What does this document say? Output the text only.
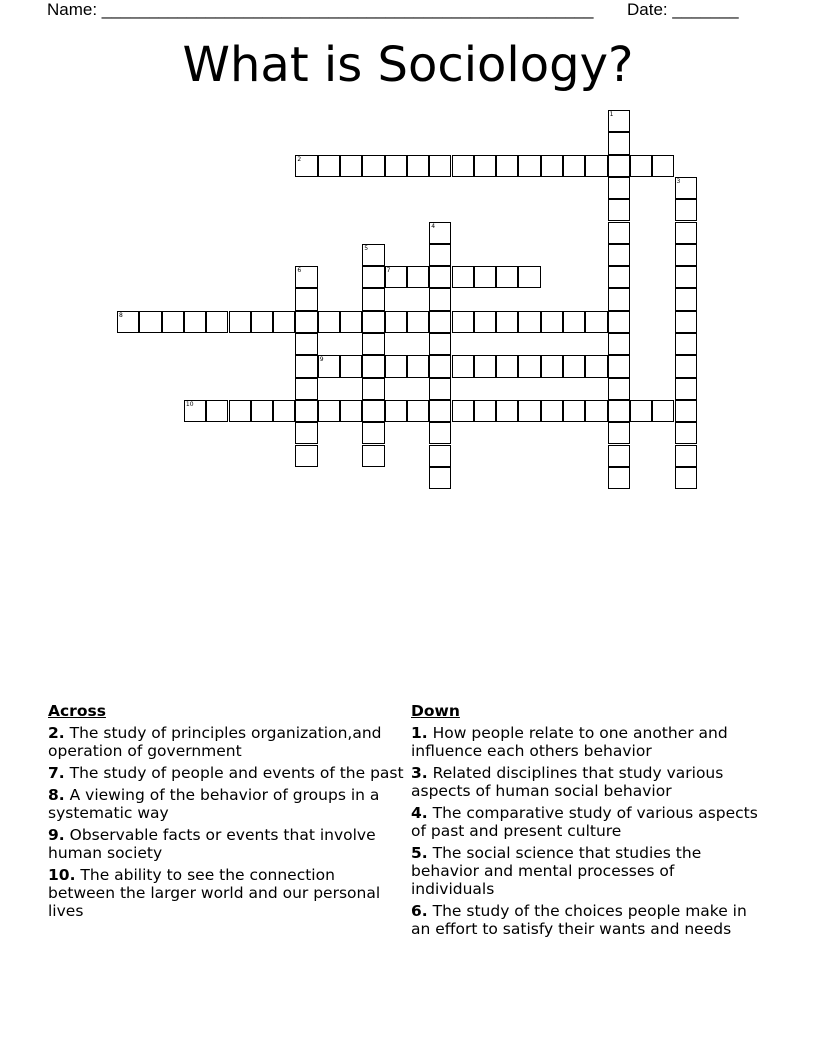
Name: ____________________________________________________ Date: _______
What is Sociology?
1
2
3
4
5
6	7
8
9
10
Across
2. The study of principles organization,and operation of government
7. The study of people and events of the past
8. A viewing of the behavior of groups in a systematic way
9. Observable facts or events that involve human society
10. The ability to see the connection between the larger world and our personal lives
Down
1. How people relate to one another and influence each others behavior
3. Related disciplines that study various aspects of human social behavior
4. The comparative study of various aspects of past and present culture
5. The social science that studies the behavior and mental processes of individuals
6. The study of the choices people make in an effort to satisfy their wants and needs
